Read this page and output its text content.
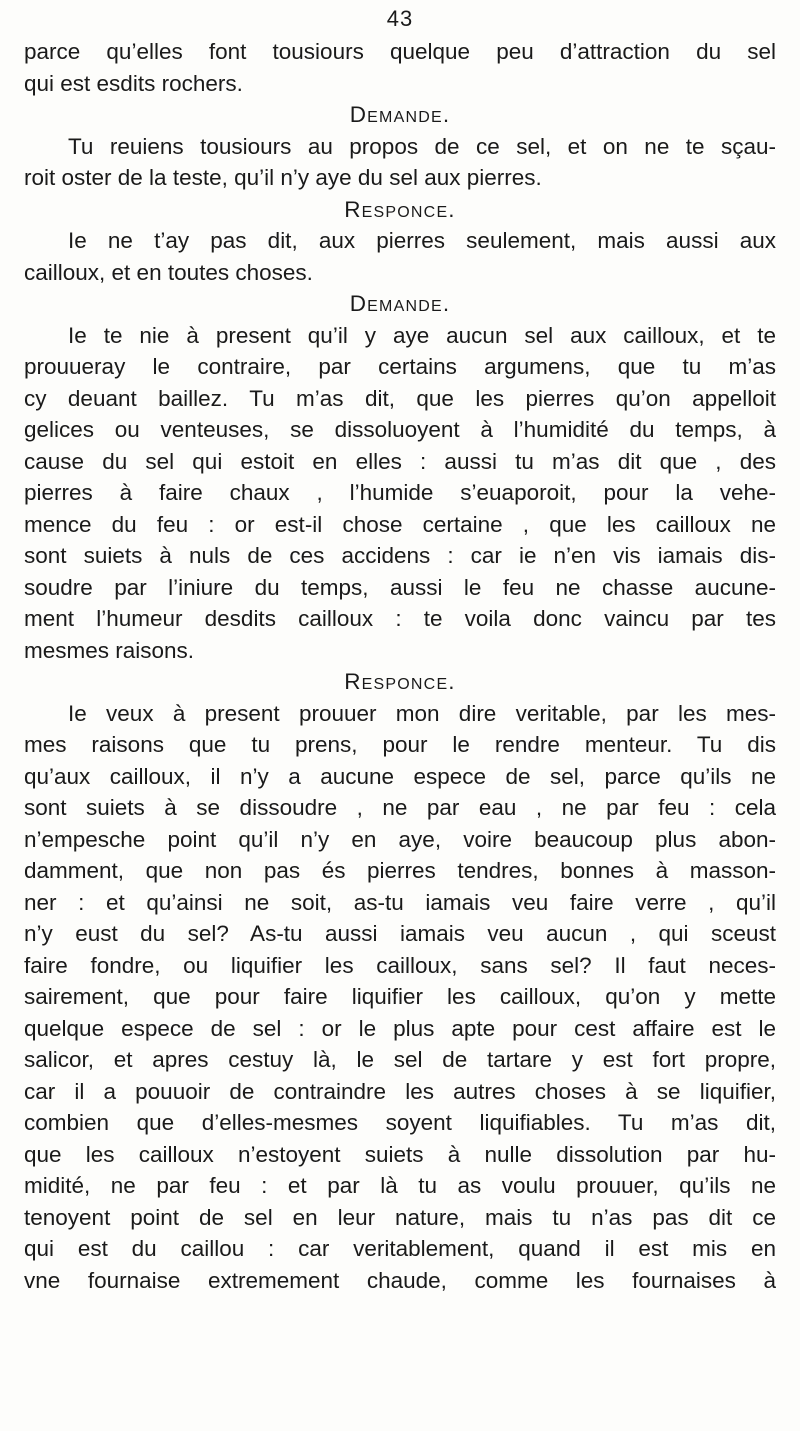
43
parce qu’elles font tousiours quelque peu d’attraction du sel
qui est esdits rochers.
Demande.
Tu reuiens tousiours au propos de ce sel, et on ne te sçau-
roit oster de la teste, qu’il n’y aye du sel aux pierres.
Responce.
Ie ne t’ay pas dit, aux pierres seulement, mais aussi aux
cailloux, et en toutes choses.
Demande.
Ie te nie à present qu’il y aye aucun sel aux cailloux, et te
prouueray le contraire, par certains argumens, que tu m’as
cy deuant baillez. Tu m’as dit, que les pierres qu’on appelloit
gelices ou venteuses, se dissoluoyent à l’humidité du temps, à
cause du sel qui estoit en elles : aussi tu m’as dit que , des
pierres à faire chaux , l’humide s’euaporoit, pour la vehe-
mence du feu : or est-il chose certaine , que les cailloux ne
sont suiets à nuls de ces accidens : car ie n’en vis iamais dis-
soudre par l’iniure du temps, aussi le feu ne chasse aucune-
ment l’humeur desdits cailloux : te voila donc vaincu par tes
mesmes raisons.
Responce.
Ie veux à present prouuer mon dire veritable, par les mes-
mes raisons que tu prens, pour le rendre menteur. Tu dis
qu’aux cailloux, il n’y a aucune espece de sel, parce qu’ils ne
sont suiets à se dissoudre , ne par eau , ne par feu : cela
n’empesche point qu’il n’y en aye, voire beaucoup plus abon-
damment, que non pas és pierres tendres, bonnes à masson-
ner : et qu’ainsi ne soit, as-tu iamais veu faire verre , qu’il
n’y eust du sel? As-tu aussi iamais veu aucun , qui sceust
faire fondre, ou liquifier les cailloux, sans sel? Il faut neces-
sairement, que pour faire liquifier les cailloux, qu’on y mette
quelque espece de sel : or le plus apte pour cest affaire est le
salicor, et apres cestuy là, le sel de tartare y est fort propre,
car il a pouuoir de contraindre les autres choses à se liquifier,
combien que d’elles-mesmes soyent liquifiables. Tu m’as dit,
que les cailloux n’estoyent suiets à nulle dissolution par hu-
midité, ne par feu : et par là tu as voulu prouuer, qu’ils ne
tenoyent point de sel en leur nature, mais tu n’as pas dit ce
qui est du caillou : car veritablement, quand il est mis en
vne fournaise extremement chaude, comme les fournaises à
